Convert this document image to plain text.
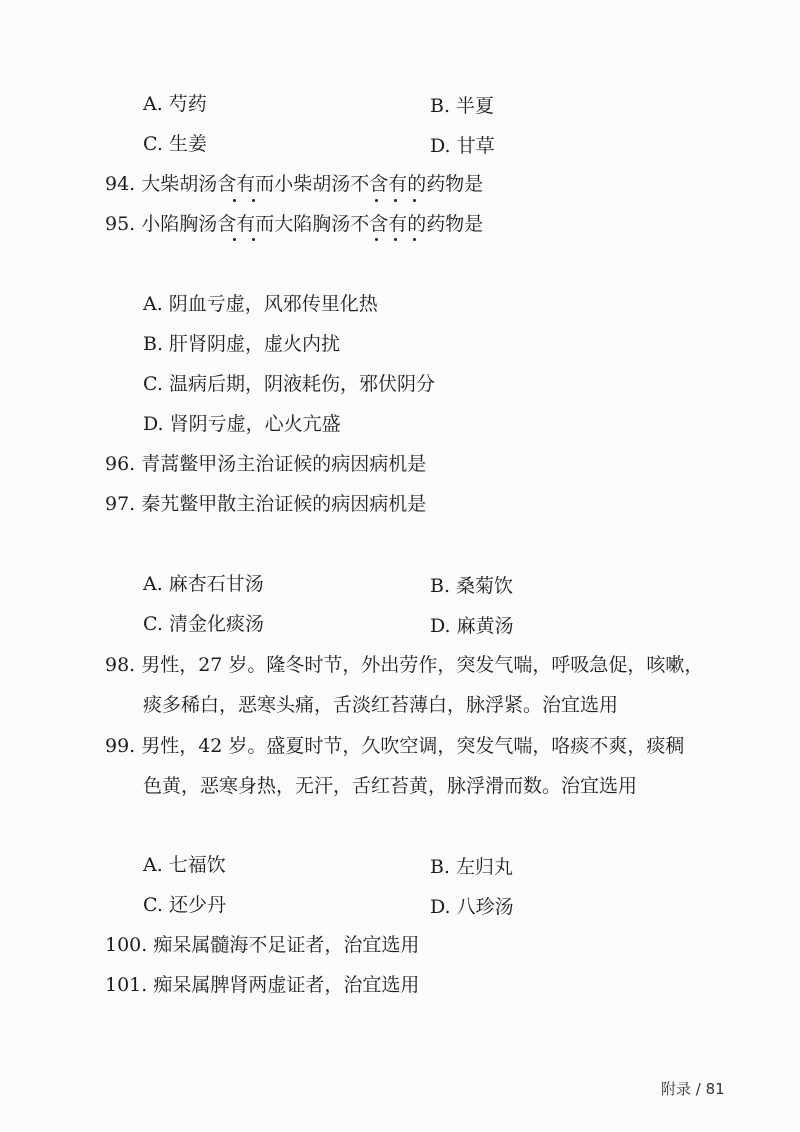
A. 芍药	B. 半夏
C. 生姜	D. 甘草
94. 大柴胡汤含有而小柴胡汤不含有的药物是
95. 小陷胸汤含有而大陷胸汤不含有的药物是
A. 阴血亏虚，风邪传里化热
B. 肝肾阴虚，虚火内扰
C. 温病后期，阴液耗伤，邪伏阴分
D. 肾阴亏虚，心火亢盛
96. 青蒿鳖甲汤主治证候的病因病机是
97. 秦艽鳖甲散主治证候的病因病机是
A. 麻杏石甘汤	B. 桑菊饮
C. 清金化痰汤	D. 麻黄汤
98. 男性，27 岁。隆冬时节，外出劳作，突发气喘，呼吸急促，咳嗽，
痰多稀白，恶寒头痛，舌淡红苔薄白，脉浮紧。治宜选用
99. 男性，42 岁。盛夏时节，久吹空调，突发气喘，咯痰不爽，痰稠
色黄，恶寒身热，无汗，舌红苔黄，脉浮滑而数。治宜选用
A. 七福饮	B. 左归丸
C. 还少丹	D. 八珍汤
100. 痴呆属髓海不足证者，治宜选用
101. 痴呆属脾肾两虚证者，治宜选用
附录 / 81
